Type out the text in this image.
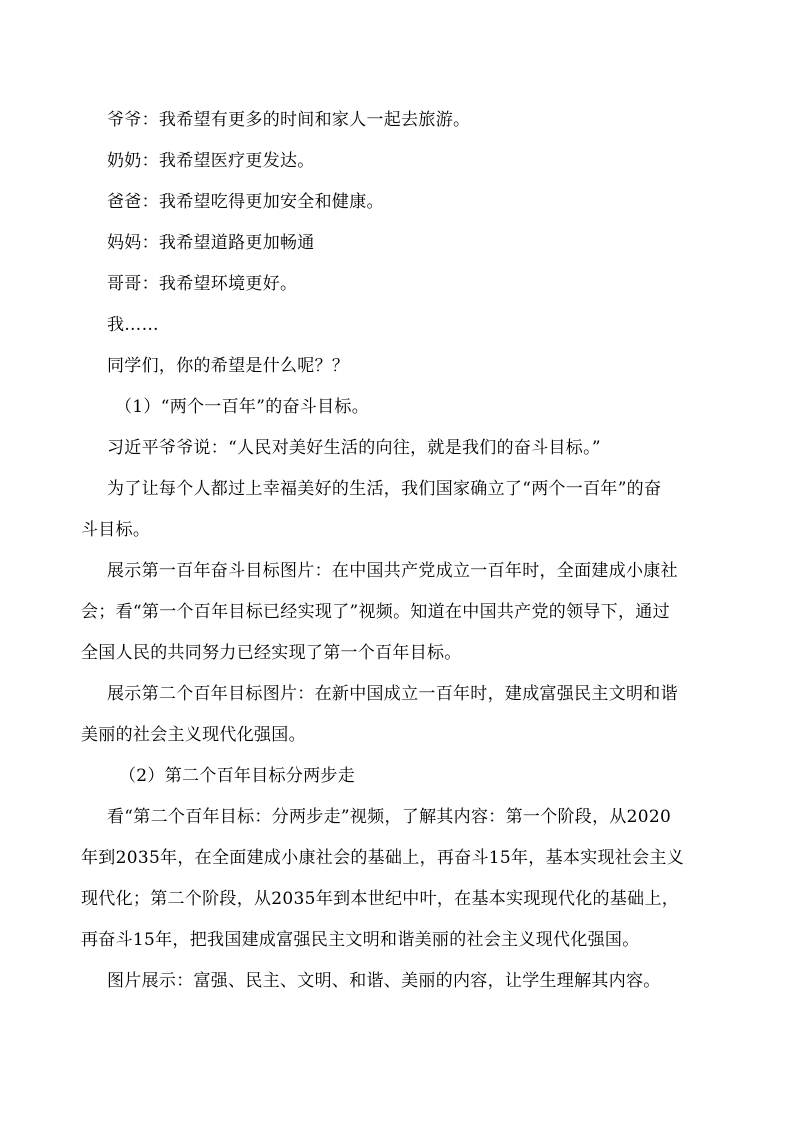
爷爷：我希望有更多的时间和家人一起去旅游。
奶奶：我希望医疗更发达。
爸爸：我希望吃得更加安全和健康。
妈妈：我希望道路更加畅通
哥哥：我希望环境更好。
我……
同学们，你的希望是什么呢？？
（1）“两个一百年”的奋斗目标。
习近平爷爷说：“人民对美好生活的向往，就是我们的奋斗目标。”
为了让每个人都过上幸福美好的生活，我们国家确立了“两个一百年”的奋
斗目标。
展示第一百年奋斗目标图片：在中国共产党成立一百年时，全面建成小康社
会；看“第一个百年目标已经实现了”视频。知道在中国共产党的领导下，通过
全国人民的共同努力已经实现了第一个百年目标。
展示第二个百年目标图片：在新中国成立一百年时，建成富强民主文明和谐
美丽的社会主义现代化强国。
（2）第二个百年目标分两步走
看“第二个百年目标：分两步走”视频，了解其内容：第一个阶段，从2020
年到2035年，在全面建成小康社会的基础上，再奋斗15年，基本实现社会主义
现代化；第二个阶段，从2035年到本世纪中叶，在基本实现现代化的基础上，
再奋斗15年，把我国建成富强民主文明和谐美丽的社会主义现代化强国。
图片展示：富强、民主、文明、和谐、美丽的内容，让学生理解其内容。
